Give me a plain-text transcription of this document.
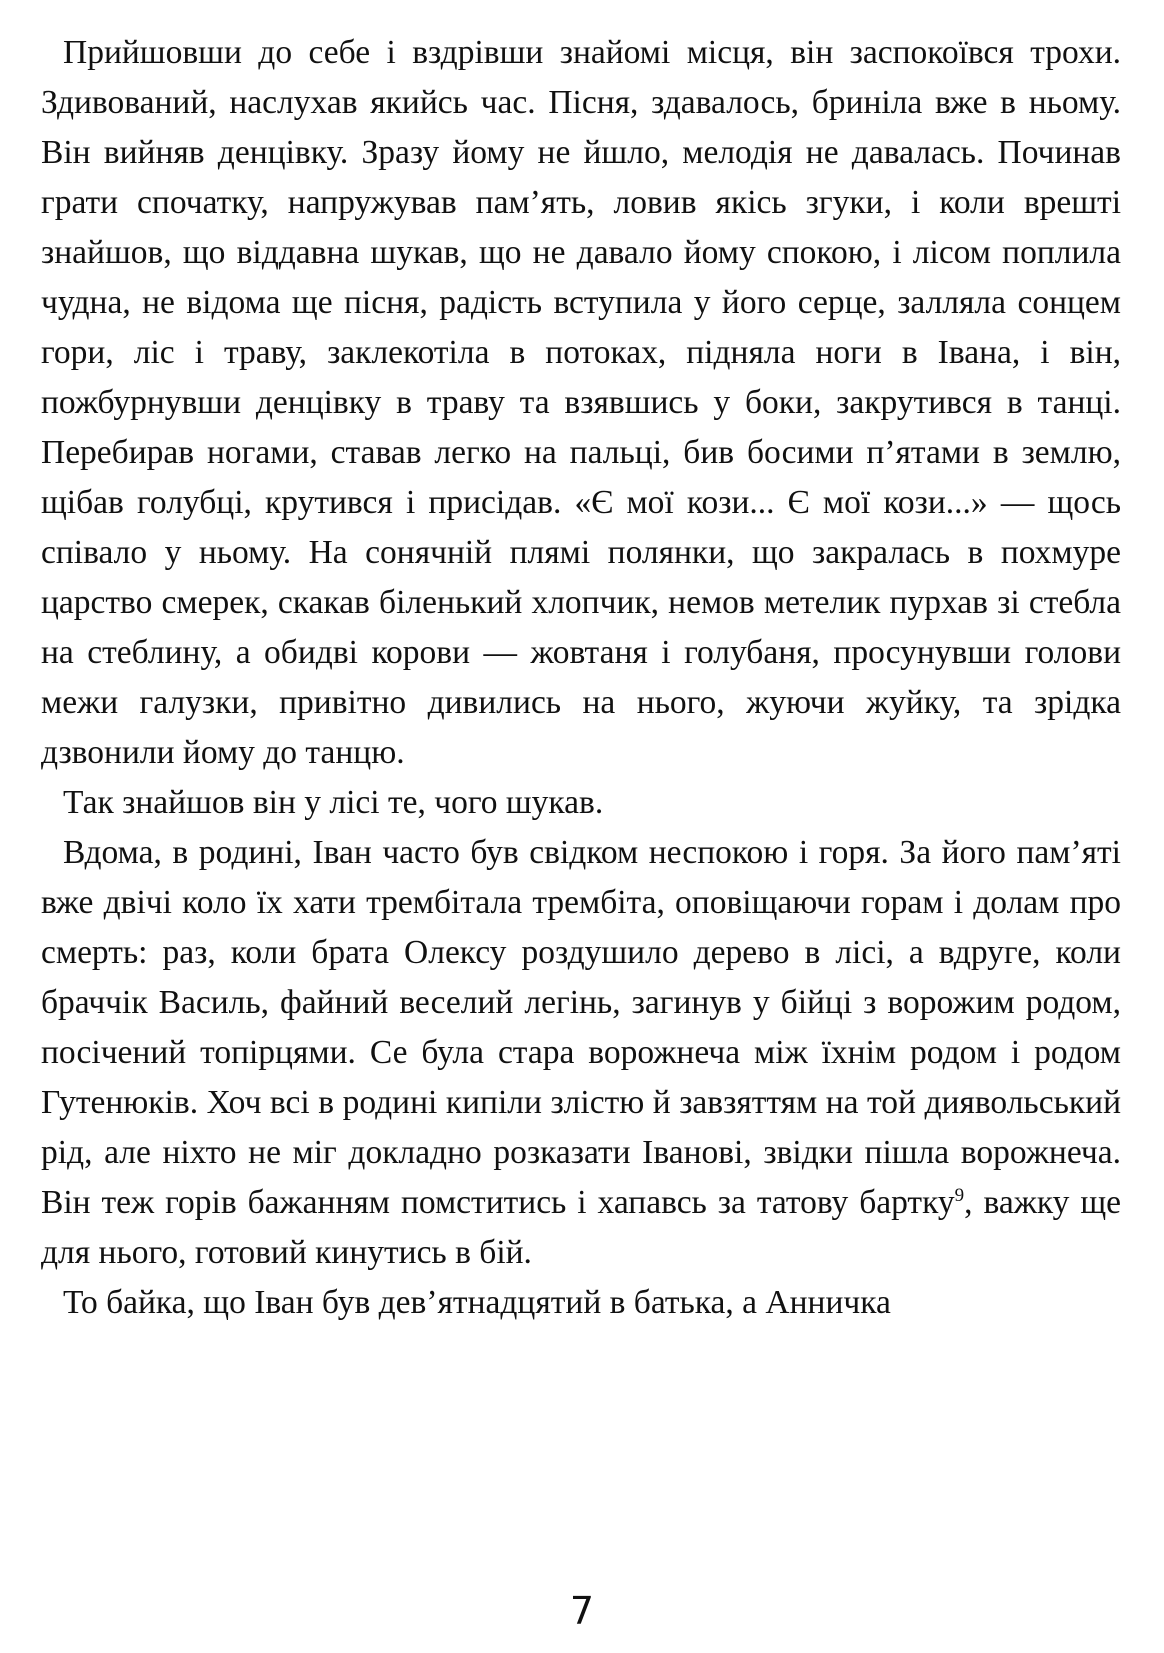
Прийшовши до себе і вздрівши знайомі місця, він заспокоївся трохи. Здивований, наслухав якийсь час. Пісня, здавалось, бриніла вже в ньому. Він вийняв денцівку. Зразу йому не йшло, мелодія не давалась. Починав грати спочатку, напружував пам’ять, ловив якісь згуки, і коли врешті знайшов, що віддавна шукав, що не давало йому спокою, і лісом поплила чудна, не відома ще пісня, радість вступила у його серце, залляла сонцем гори, ліс і траву, заклекотіла в потоках, підняла ноги в Івана, і він, пожбурнувши денцівку в траву та взявшись у боки, закрутився в танці. Перебирав ногами, ставав легко на пальці, бив босими п’ятами в землю, щібав голубці, крутився і присідав. «Є мої кози... Є мої кози...» — щось співало у ньому. На сонячній плямі полянки, що закралась в похмуре царство смерек, скакав біленький хлопчик, немов метелик пурхав зі стебла на стеблину, а обидві корови — жовтаня і голубаня, просунувши голови межи галузки, привітно дивились на нього, жуючи жуйку, та зрідка дзвонили йому до танцю.

Так знайшов він у лісі те, чого шукав.

Вдома, в родині, Іван часто був свідком неспокою і горя. За його пам’яті вже двічі коло їх хати трембітала трембіта, оповіщаючи горам і долам про смерть: раз, коли брата Олексу роздушило дерево в лісі, а вдруге, коли браччік Василь, файний веселий легінь, загинув у бійці з ворожим родом, посічений топірцями. Се була стара ворожнеча між їхнім родом і родом Гутенюків. Хоч всі в родині кипіли злістю й завзяттям на той диявольський рід, але ніхто не міг докладно розказати Іванові, звідки пішла ворожнеча. Він теж горів бажанням помститись і хапавсь за татову бартку$^9$, важку ще для нього, готовий кинутись в бій.

То байка, що Іван був дев’ятнадцятий в батька, а Анничка

7
